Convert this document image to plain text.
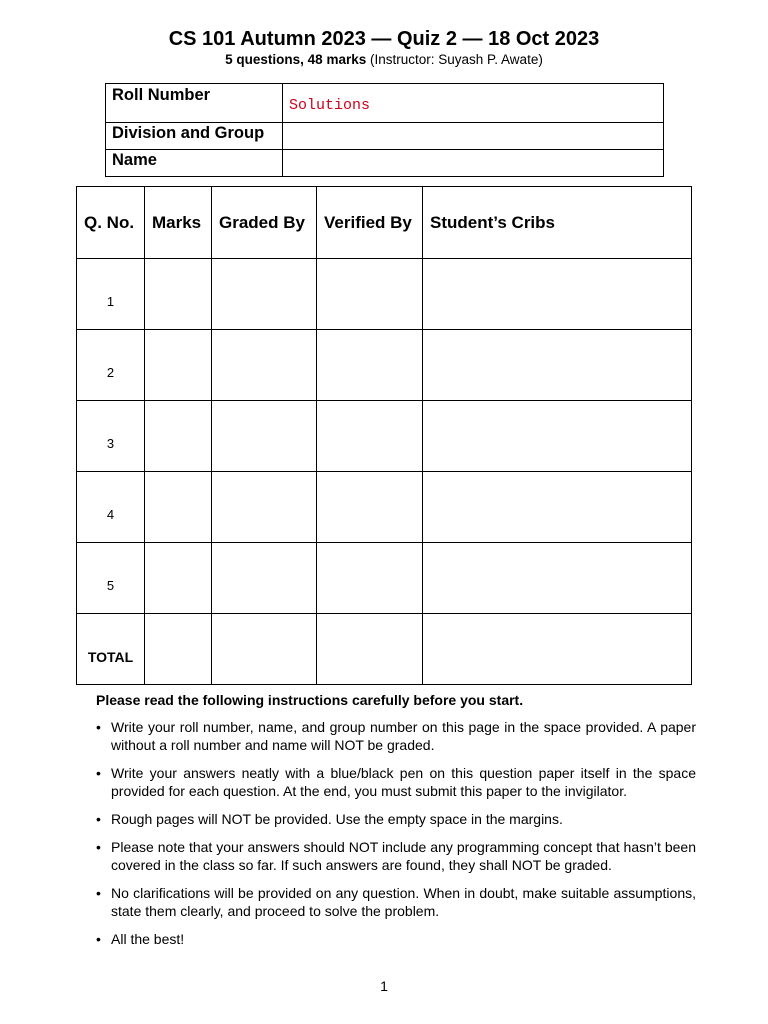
CS 101 Autumn 2023 — Quiz 2 — 18 Oct 2023
5 questions, 48 marks (Instructor: Suyash P. Awate)
Roll Number	Solutions
Division and Group	
Name	
Q. No.	Marks	Graded By	Verified By	Student’s Cribs
1				
2				
3				
4				
5				
TOTAL				

Please read the following instructions carefully before you start.

• Write your roll number, name, and group number on this page in the space provided. A paper without a roll number and name will NOT be graded.
• Write your answers neatly with a blue/black pen on this question paper itself in the space provided for each question. At the end, you must submit this paper to the invigilator.
• Rough pages will NOT be provided. Use the empty space in the margins.
• Please note that your answers should NOT include any programming concept that hasn’t been covered in the class so far. If such answers are found, they shall NOT be graded.
• No clarifications will be provided on any question. When in doubt, make suitable assumptions, state them clearly, and proceed to solve the problem.
• All the best!
1
